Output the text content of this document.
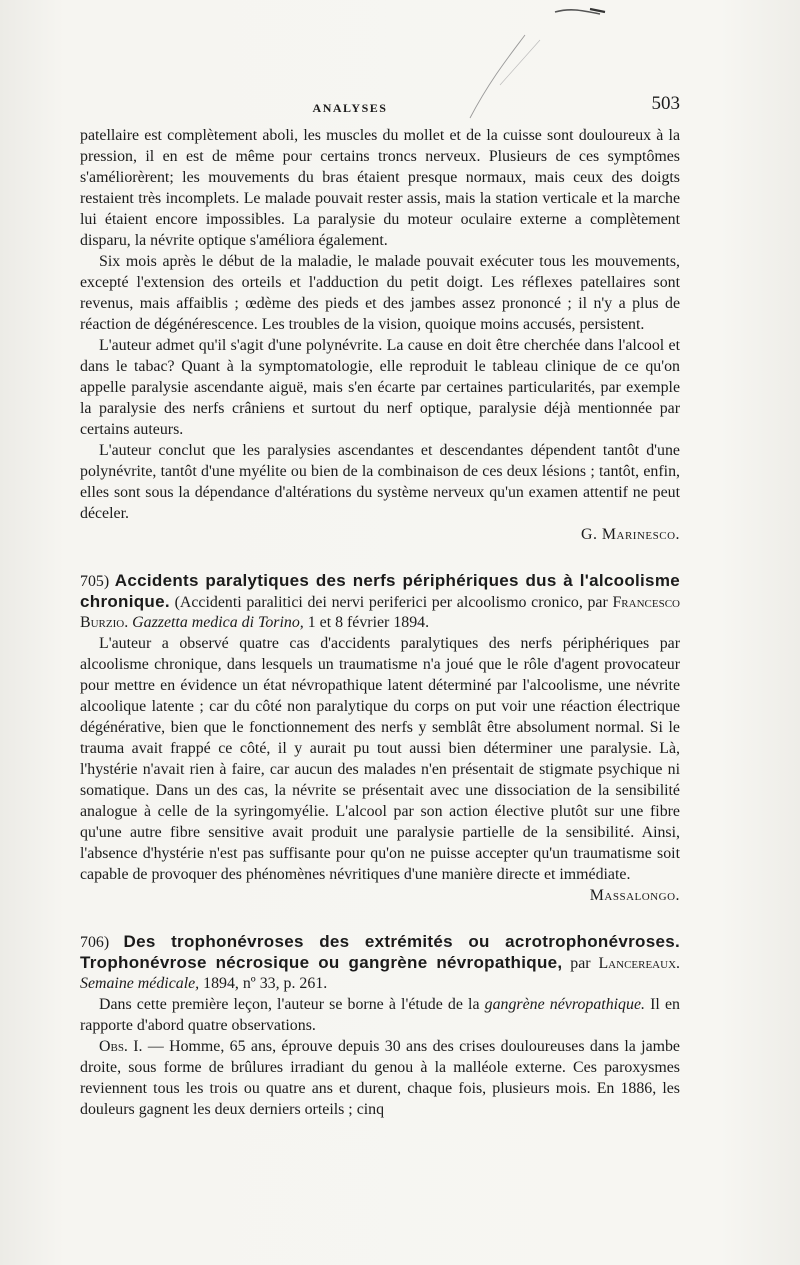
ANALYSES	503

patellaire est complètement aboli, les muscles du mollet et de la cuisse sont douloureux à la pression, il en est de même pour certains troncs nerveux. Plusieurs de ces symptômes s'améliorèrent; les mouvements du bras étaient presque normaux, mais ceux des doigts restaient très incomplets. Le malade pouvait rester assis, mais la station verticale et la marche lui étaient encore impossibles. La paralysie du moteur oculaire externe a complètement disparu, la névrite optique s'améliora également.

Six mois après le début de la maladie, le malade pouvait exécuter tous les mouvements, excepté l'extension des orteils et l'adduction du petit doigt. Les réflexes patellaires sont revenus, mais affaiblis ; œdème des pieds et des jambes assez prononcé ; il n'y a plus de réaction de dégénérescence. Les troubles de la vision, quoique moins accusés, persistent.

L'auteur admet qu'il s'agit d'une polynévrite. La cause en doit être cherchée dans l'alcool et dans le tabac? Quant à la symptomatologie, elle reproduit le tableau clinique de ce qu'on appelle paralysie ascendante aiguë, mais s'en écarte par certaines particularités, par exemple la paralysie des nerfs crâniens et surtout du nerf optique, paralysie déjà mentionnée par certains auteurs.

L'auteur conclut que les paralysies ascendantes et descendantes dépendent tantôt d'une polynévrite, tantôt d'une myélite ou bien de la combinaison de ces deux lésions ; tantôt, enfin, elles sont sous la dépendance d'altérations du système nerveux qu'un examen attentif ne peut déceler.

G. Marinesco.

705) Accidents paralytiques des nerfs périphériques dus à l'alcoolisme chronique. (Accidenti paralitici dei nervi periferici per alcoolismo cronico, par Francesco Burzio. Gazzetta medica di Torino, 1 et 8 février 1894.

L'auteur a observé quatre cas d'accidents paralytiques des nerfs périphériques par alcoolisme chronique, dans lesquels un traumatisme n'a joué que le rôle d'agent provocateur pour mettre en évidence un état névropathique latent déterminé par l'alcoolisme, une névrite alcoolique latente ; car du côté non paralytique du corps on put voir une réaction électrique dégénérative, bien que le fonctionnement des nerfs y semblât être absolument normal. Si le trauma avait frappé ce côté, il y aurait pu tout aussi bien déterminer une paralysie. Là, l'hystérie n'avait rien à faire, car aucun des malades n'en présentait de stigmate psychique ni somatique. Dans un des cas, la névrite se présentait avec une dissociation de la sensibilité analogue à celle de la syringomyélie. L'alcool par son action élective plutôt sur une fibre qu'une autre fibre sensitive avait produit une paralysie partielle de la sensibilité. Ainsi, l'absence d'hystérie n'est pas suffisante pour qu'on ne puisse accepter qu'un traumatisme soit capable de provoquer des phénomènes névritiques d'une manière directe et immédiate.

Massalongo.

706) Des trophonévroses des extrémités ou acrotrophonévroses. Trophonévrose nécrosique ou gangrène névropathique, par Lancereaux. Semaine médicale, 1894, nº 33, p. 261.

Dans cette première leçon, l'auteur se borne à l'étude de la gangrène névropathique. Il en rapporte d'abord quatre observations.

Obs. I. — Homme, 65 ans, éprouve depuis 30 ans des crises douloureuses dans la jambe droite, sous forme de brûlures irradiant du genou à la malléole externe. Ces paroxysmes reviennent tous les trois ou quatre ans et durent, chaque fois, plusieurs mois. En 1886, les douleurs gagnent les deux derniers orteils ; cinq
